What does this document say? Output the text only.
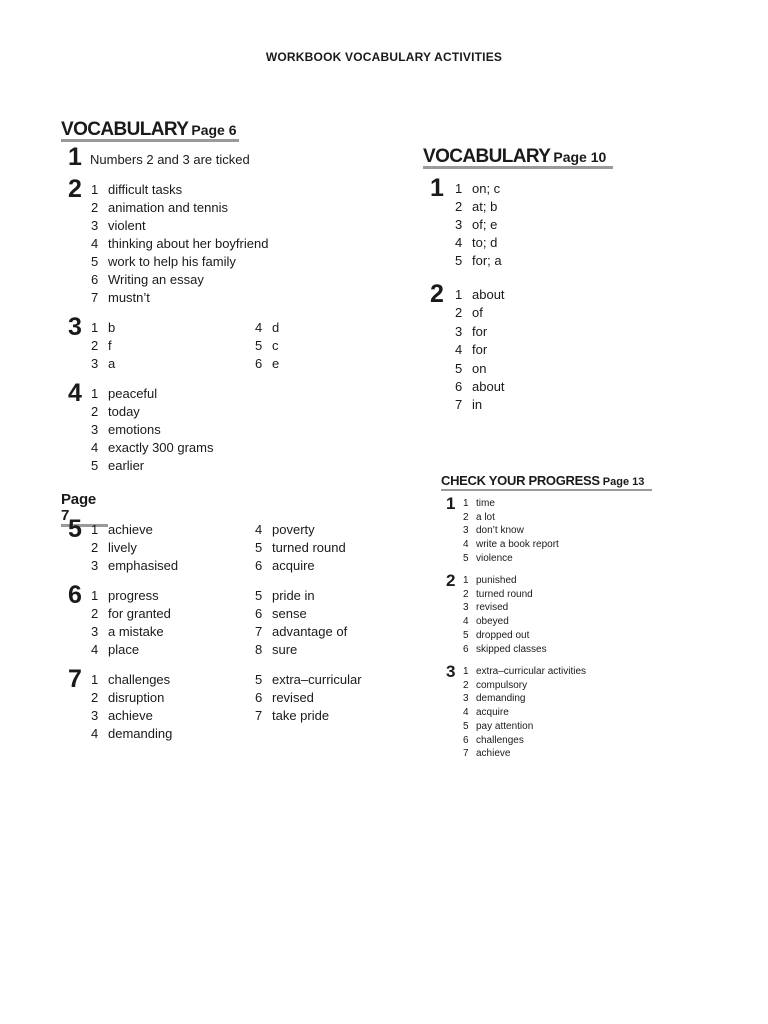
WORKBOOK VOCABULARY ACTIVITIES
VOCABULARY Page 6
Page 7
VOCABULARY Page 10
CHECK YOUR PROGRESS Page 13
1 Numbers 2 and 3 are ticked
2 1 difficult tasks
2 animation and tennis
3 violent
4 thinking about her boyfriend
5 work to help his family
6 Writing an essay
7 mustn’t
3 1 b
2 f
3 a
4 d
5 c
6 e
4 1 peaceful
2 today
3 emotions
4 exactly 300 grams
5 earlier
5 1 achieve
2 lively
3 emphasised
4 poverty
5 turned round
6 acquire
6 1 progress
2 for granted
3 a mistake
4 place
5 pride in
6 sense
7 advantage of
8 sure
7 1 challenges
2 disruption
3 achieve
4 demanding
5 extra–curricular
6 revised
7 take pride
1 1 on; c
2 at; b
3 of; e
4 to; d
5 for; a
2 1 about
2 of
3 for
4 for
5 on
6 about
7 in
1 1 time
2 a lot
3 don’t know
4 write a book report
5 violence
2 1 punished
2 turned round
3 revised
4 obeyed
5 dropped out
6 skipped classes
3 1 extra–curricular activities
2 compulsory
3 demanding
4 acquire
5 pay attention
6 challenges
7 achieve
